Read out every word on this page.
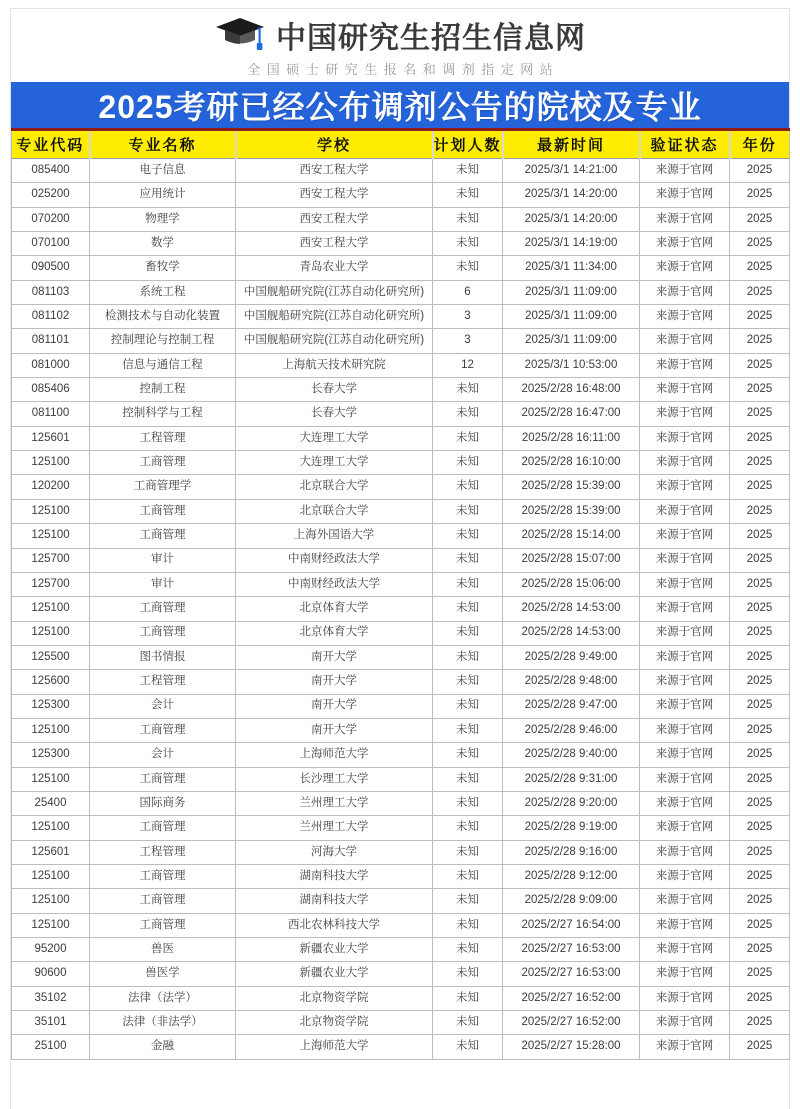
中国研究生招生信息网
全国硕士研究生报名和调剂指定网站
2025考研已经公布调剂公告的院校及专业
专业代码	专业名称	学校	计划人数	最新时间	验证状态	年份
085400	电子信息	西安工程大学	未知	2025/3/1 14:21:00	来源于官网	2025
025200	应用统计	西安工程大学	未知	2025/3/1 14:20:00	来源于官网	2025
070200	物理学	西安工程大学	未知	2025/3/1 14:20:00	来源于官网	2025
070100	数学	西安工程大学	未知	2025/3/1 14:19:00	来源于官网	2025
090500	畜牧学	青岛农业大学	未知	2025/3/1 11:34:00	来源于官网	2025
081103	系统工程	中国舰船研究院(江苏自动化研究所)	6	2025/3/1 11:09:00	来源于官网	2025
081102	检测技术与自动化装置	中国舰船研究院(江苏自动化研究所)	3	2025/3/1 11:09:00	来源于官网	2025
081101	控制理论与控制工程	中国舰船研究院(江苏自动化研究所)	3	2025/3/1 11:09:00	来源于官网	2025
081000	信息与通信工程	上海航天技术研究院	12	2025/3/1 10:53:00	来源于官网	2025
085406	控制工程	长春大学	未知	2025/2/28 16:48:00	来源于官网	2025
081100	控制科学与工程	长春大学	未知	2025/2/28 16:47:00	来源于官网	2025
125601	工程管理	大连理工大学	未知	2025/2/28 16:11:00	来源于官网	2025
125100	工商管理	大连理工大学	未知	2025/2/28 16:10:00	来源于官网	2025
120200	工商管理学	北京联合大学	未知	2025/2/28 15:39:00	来源于官网	2025
125100	工商管理	北京联合大学	未知	2025/2/28 15:39:00	来源于官网	2025
125100	工商管理	上海外国语大学	未知	2025/2/28 15:14:00	来源于官网	2025
125700	审计	中南财经政法大学	未知	2025/2/28 15:07:00	来源于官网	2025
125700	审计	中南财经政法大学	未知	2025/2/28 15:06:00	来源于官网	2025
125100	工商管理	北京体育大学	未知	2025/2/28 14:53:00	来源于官网	2025
125100	工商管理	北京体育大学	未知	2025/2/28 14:53:00	来源于官网	2025
125500	图书情报	南开大学	未知	2025/2/28 9:49:00	来源于官网	2025
125600	工程管理	南开大学	未知	2025/2/28 9:48:00	来源于官网	2025
125300	会计	南开大学	未知	2025/2/28 9:47:00	来源于官网	2025
125100	工商管理	南开大学	未知	2025/2/28 9:46:00	来源于官网	2025
125300	会计	上海师范大学	未知	2025/2/28 9:40:00	来源于官网	2025
125100	工商管理	长沙理工大学	未知	2025/2/28 9:31:00	来源于官网	2025
25400	国际商务	兰州理工大学	未知	2025/2/28 9:20:00	来源于官网	2025
125100	工商管理	兰州理工大学	未知	2025/2/28 9:19:00	来源于官网	2025
125601	工程管理	河海大学	未知	2025/2/28 9:16:00	来源于官网	2025
125100	工商管理	湖南科技大学	未知	2025/2/28 9:12:00	来源于官网	2025
125100	工商管理	湖南科技大学	未知	2025/2/28 9:09:00	来源于官网	2025
125100	工商管理	西北农林科技大学	未知	2025/2/27 16:54:00	来源于官网	2025
95200	兽医	新疆农业大学	未知	2025/2/27 16:53:00	来源于官网	2025
90600	兽医学	新疆农业大学	未知	2025/2/27 16:53:00	来源于官网	2025
35102	法律（法学）	北京物资学院	未知	2025/2/27 16:52:00	来源于官网	2025
35101	法律（非法学）	北京物资学院	未知	2025/2/27 16:52:00	来源于官网	2025
25100	金融	上海师范大学	未知	2025/2/27 15:28:00	来源于官网	2025
